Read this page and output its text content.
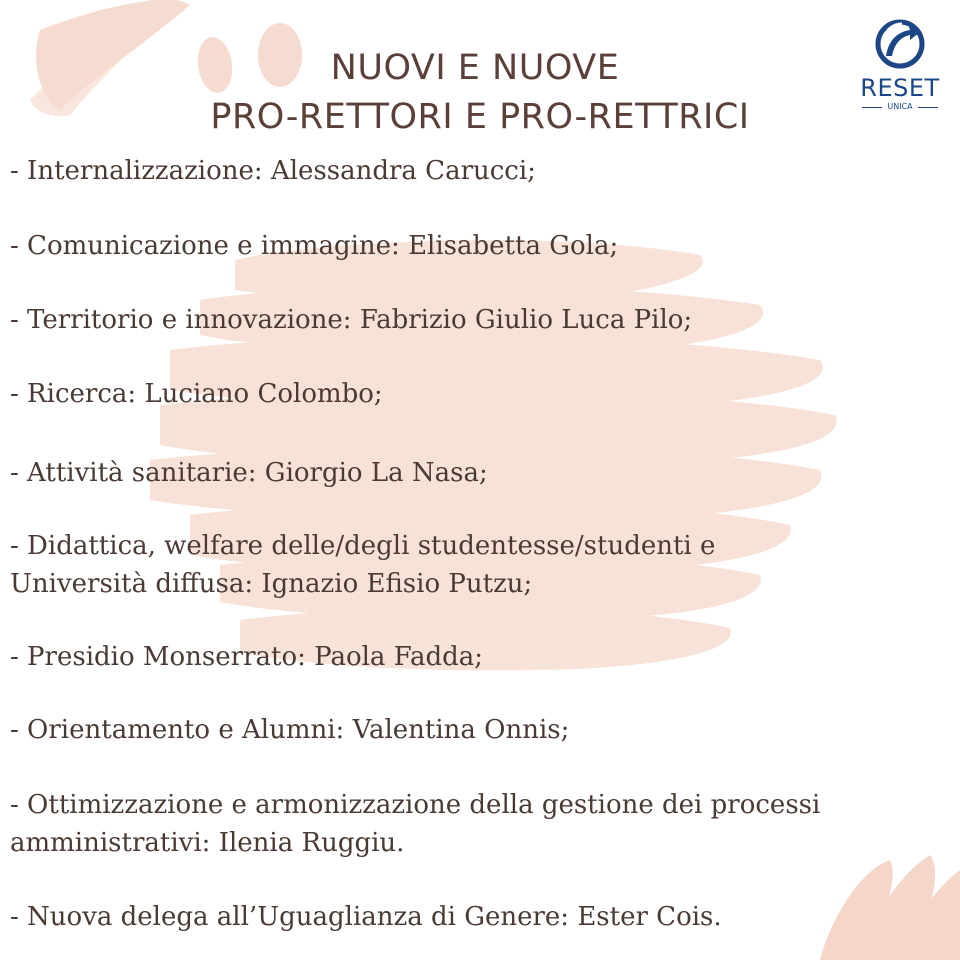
NUOVI E NUOVE
PRO-RETTORI E PRO-RETTRICI
RESET
UNICA
- Internalizzazione: Alessandra Carucci;
- Comunicazione e immagine: Elisabetta Gola;
- Territorio e innovazione: Fabrizio Giulio Luca Pilo;
- Ricerca: Luciano Colombo;
- Attività sanitarie: Giorgio La Nasa;
- Didattica, welfare delle/degli studentesse/studenti e
Università diffusa: Ignazio Efisio Putzu;
- Presidio Monserrato: Paola Fadda;
- Orientamento e Alumni: Valentina Onnis;
- Ottimizzazione e armonizzazione della gestione dei processi
amministrativi: Ilenia Ruggiu.
- Nuova delega all’Uguaglianza di Genere: Ester Cois.
